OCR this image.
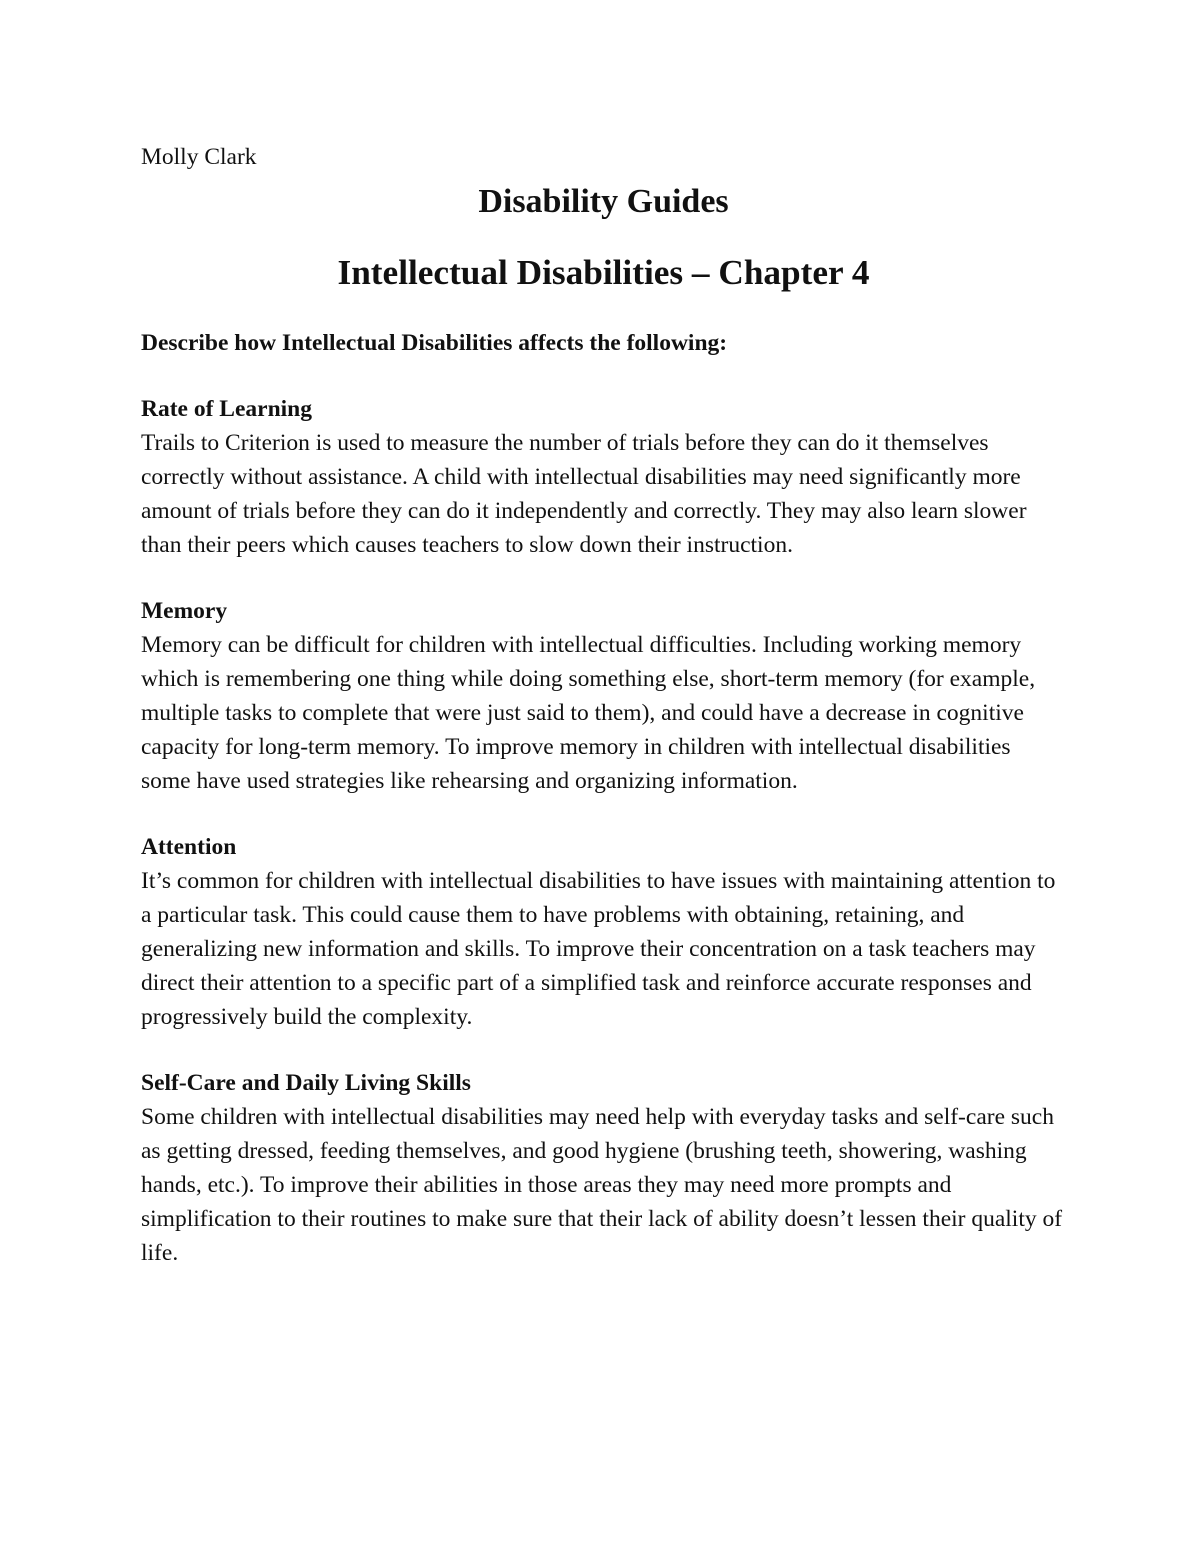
Molly Clark

Disability Guides
Intellectual Disabilities – Chapter 4

Describe how Intellectual Disabilities affects the following:

Rate of Learning

Trails to Criterion is used to measure the number of trials before they can do it themselves correctly without assistance. A child with intellectual disabilities may need significantly more amount of trials before they can do it independently and correctly. They may also learn slower than their peers which causes teachers to slow down their instruction.

Memory

Memory can be difficult for children with intellectual difficulties. Including working memory which is remembering one thing while doing something else, short-term memory (for example, multiple tasks to complete that were just said to them), and could have a decrease in cognitive capacity for long-term memory. To improve memory in children with intellectual disabilities some have used strategies like rehearsing and organizing information.

Attention

It’s common for children with intellectual disabilities to have issues with maintaining attention to a particular task. This could cause them to have problems with obtaining, retaining, and generalizing new information and skills. To improve their concentration on a task teachers may direct their attention to a specific part of a simplified task and reinforce accurate responses and progressively build the complexity.

Self-Care and Daily Living Skills

Some children with intellectual disabilities may need help with everyday tasks and self-care such as getting dressed, feeding themselves, and good hygiene (brushing teeth, showering, washing hands, etc.). To improve their abilities in those areas they may need more prompts and simplification to their routines to make sure that their lack of ability doesn’t lessen their quality of life.
